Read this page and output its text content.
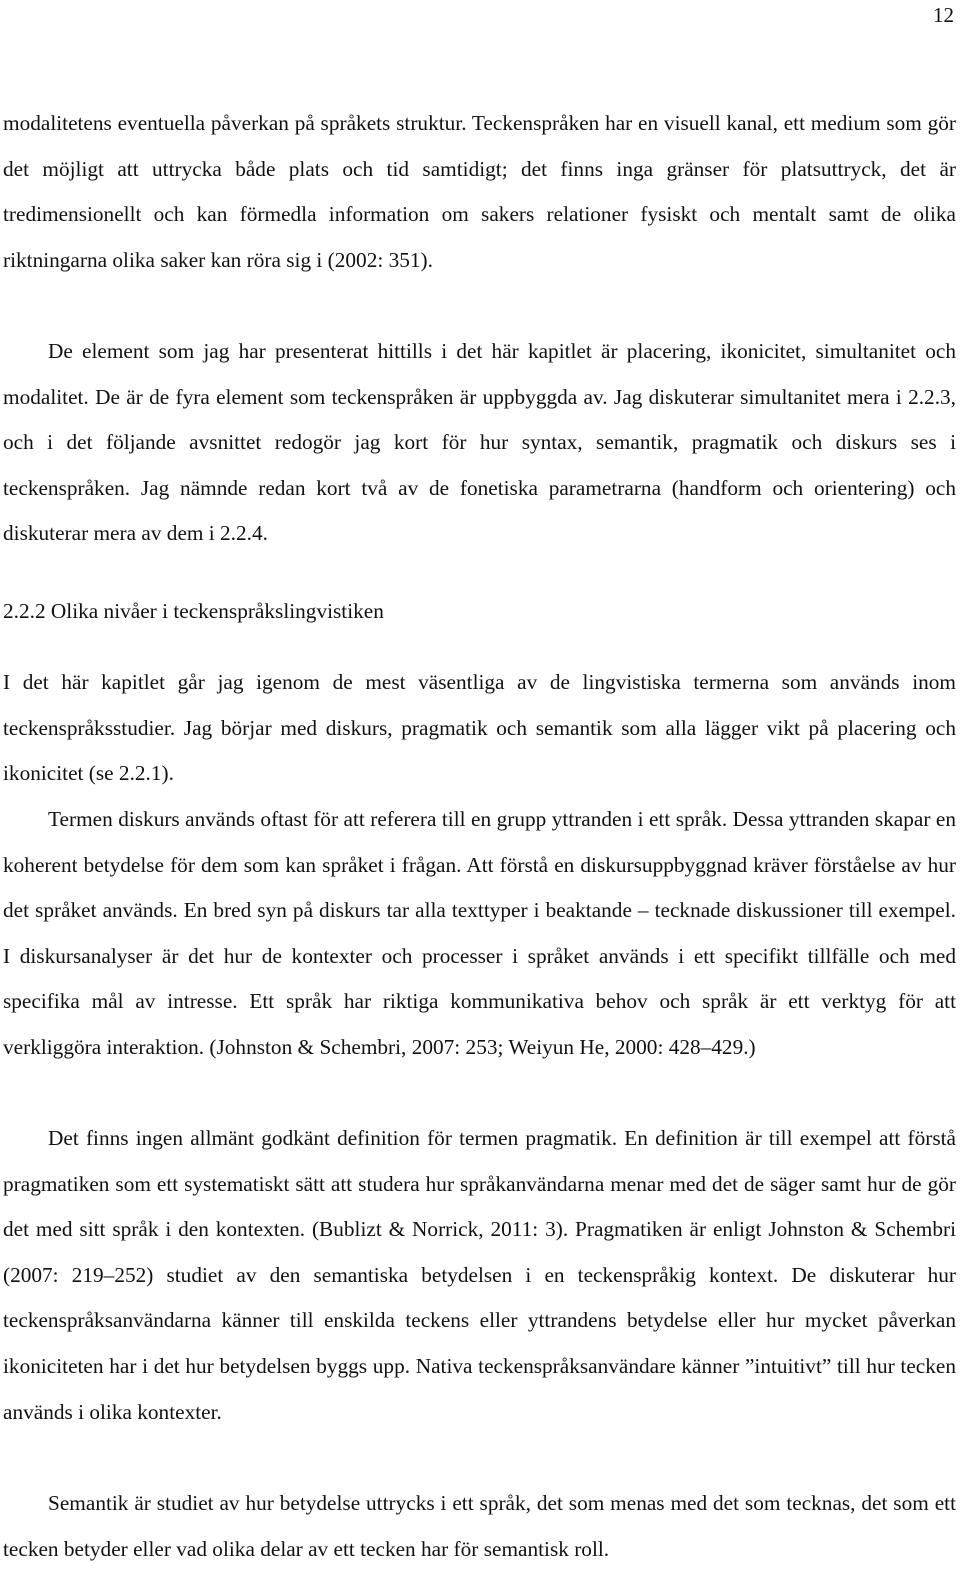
12

modalitetens eventuella påverkan på språkets struktur. Teckenspråken har en visuell kanal, ett medium som gör det möjligt att uttrycka både plats och tid samtidigt; det finns inga gränser för platsuttryck, det är tredimensionellt och kan förmedla information om sakers relationer fysiskt och mentalt samt de olika riktningarna olika saker kan röra sig i (2002: 351).

De element som jag har presenterat hittills i det här kapitlet är placering, ikonicitet, simultanitet och modalitet. De är de fyra element som teckenspråken är uppbyggda av. Jag diskuterar simultanitet mera i 2.2.3, och i det följande avsnittet redogör jag kort för hur syntax, semantik, pragmatik och diskurs ses i teckenspråken. Jag nämnde redan kort två av de fonetiska parametrarna (handform och orientering) och diskuterar mera av dem i 2.2.4.

2.2.2 Olika nivåer i teckenspråkslingvistiken

I det här kapitlet går jag igenom de mest väsentliga av de lingvistiska termerna som används inom teckenspråksstudier. Jag börjar med diskurs, pragmatik och semantik som alla lägger vikt på placering och ikonicitet (se 2.2.1).

Termen diskurs används oftast för att referera till en grupp yttranden i ett språk. Dessa yttranden skapar en koherent betydelse för dem som kan språket i frågan. Att förstå en diskursuppbyggnad kräver förståelse av hur det språket används. En bred syn på diskurs tar alla texttyper i beaktande – tecknade diskussioner till exempel. I diskursanalyser är det hur de kontexter och processer i språket används i ett specifikt tillfälle och med specifika mål av intresse. Ett språk har riktiga kommunikativa behov och språk är ett verktyg för att verkliggöra interaktion. (Johnston & Schembri, 2007: 253; Weiyun He, 2000: 428–429.)

Det finns ingen allmänt godkänt definition för termen pragmatik. En definition är till exempel att förstå pragmatiken som ett systematiskt sätt att studera hur språkanvändarna menar med det de säger samt hur de gör det med sitt språk i den kontexten. (Bublizt & Norrick, 2011: 3). Pragmatiken är enligt Johnston & Schembri (2007: 219–252) studiet av den semantiska betydelsen i en teckenspråkig kontext. De diskuterar hur teckenspråksanvändarna känner till enskilda teckens eller yttrandens betydelse eller hur mycket påverkan ikoniciteten har i det hur betydelsen byggs upp. Nativa teckenspråksanvändare känner ”intuitivt” till hur tecken används i olika kontexter.

Semantik är studiet av hur betydelse uttrycks i ett språk, det som menas med det som tecknas, det som ett tecken betyder eller vad olika delar av ett tecken har för semantisk roll.
